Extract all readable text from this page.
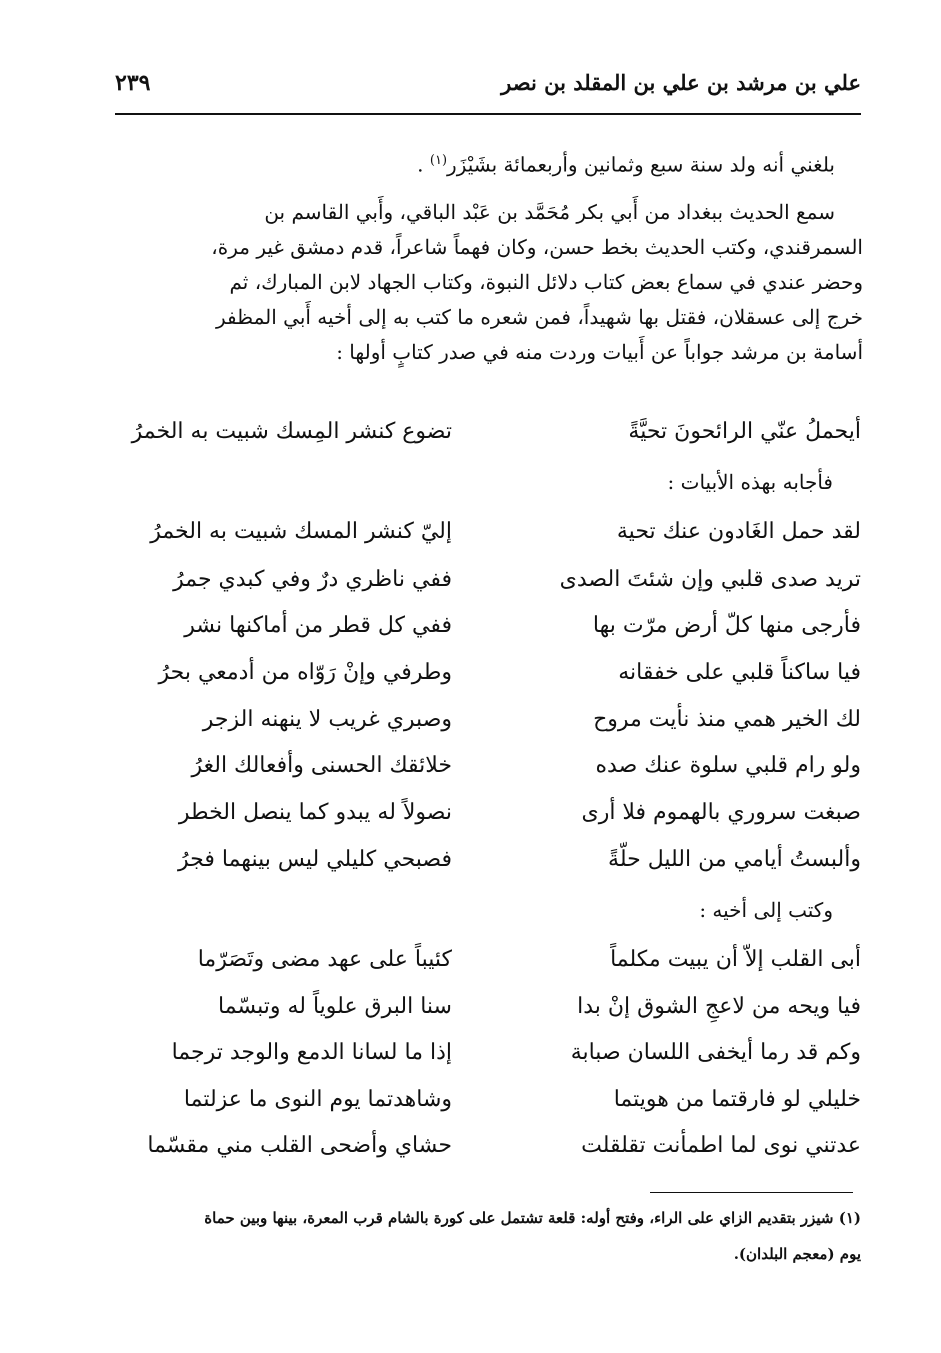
علي بن مرشد بن علي بن المقلد بن نصر
٢٣٩
بلغني أنه ولد سنة سبع وثمانين وأربعمائة بشَيْزَر$^{(١)}$ .
سمع الحديث ببغداد من أَبي بكر مُحَمَّد بن عَبْد الباقي، وأَبي القاسم بن
السمرقندي، وكتب الحديث بخط حسن، وكان فهماً شاعراً، قدم دمشق غير مرة،
وحضر عندي في سماع بعض كتاب دلائل النبوة، وكتاب الجهاد لابن المبارك، ثم
خرج إلى عسقلان، فقتل بها شهيداً، فمن شعره ما كتب به إلى أخيه أَبي المظفر
أسامة بن مرشد جواباً عن أَبيات وردت منه في صدر كتابٍ أولها :
أيحملُ عنّي الرائحونَ تحيَّةً
تضوع كنشر المِسك شبيت به الخمرُ
فأجابه بهذه الأبيات :
لقد حمل الغَادون عنك تحية
إليّ كنشر المسك شبيت به الخمرُ
تريد صدى قلبي وإن شئتَ الصدى
ففي ناظري درٌ وفي كبدي جمرُ
فأرجى منها كلّ أرض مرّت بها
ففي كل قطر من أماكنها نشر
فيا ساكناً قلبي على خفقانه
وطرفي وإنْ رَوّاه من أدمعي بحرُ
لك الخير همي منذ نأيت مروح
وصبري غريب لا ينهنه الزجر
ولو رام قلبي سلوة عنك صده
خلائقك الحسنى وأفعالك الغرُ
صبغت سروري بالهموم فلا أرى
نصولاً له يبدو كما ينصل الخطر
وألبستُ أيامي من الليل حلّةً
فصبحي كليلي ليس بينهما فجرُ
وكتب إلى أخيه :
أبى القلب إلاّ أن يبيت مكلماً
كئيباً على عهد مضى وتَصَرّما
فيا ويحه من لاعجِ الشوق إنْ بدا
سنا البرق علوياً له وتبسّما
وكم قد رما أيخفى اللسان صبابة
إذا ما لسانا الدمع والوجد ترجما
خليلي لو فارقتما من هويتما
وشاهدتما يوم النوى ما عزلتما
عدتني نوى لما اطمأنت تقلقلت
حشاي وأضحى القلب مني مقسّما
(١) شيزر بتقديم الزاي على الراء، وفتح أوله: قلعة تشتمل على كورة بالشام قرب المعرة، بينها وبين حماة
يوم (معجم البلدان).
